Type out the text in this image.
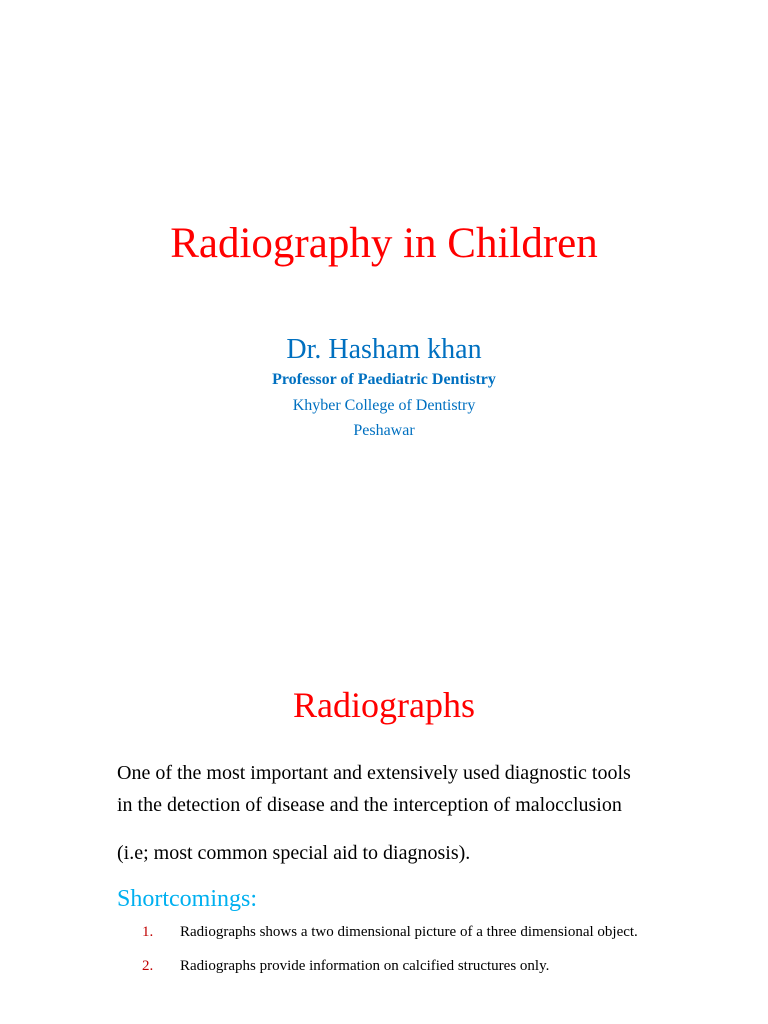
Radiography in Children
Dr. Hasham khan
Professor of Paediatric Dentistry
Khyber College of Dentistry
Peshawar
Radiographs

One of the most important and extensively used diagnostic tools

in the detection of disease and the interception of malocclusion

(i.e; most common special aid to diagnosis).

Shortcomings:
1. Radiographs shows a two dimensional picture of a three dimensional object.
2. Radiographs provide information on calcified structures only.
